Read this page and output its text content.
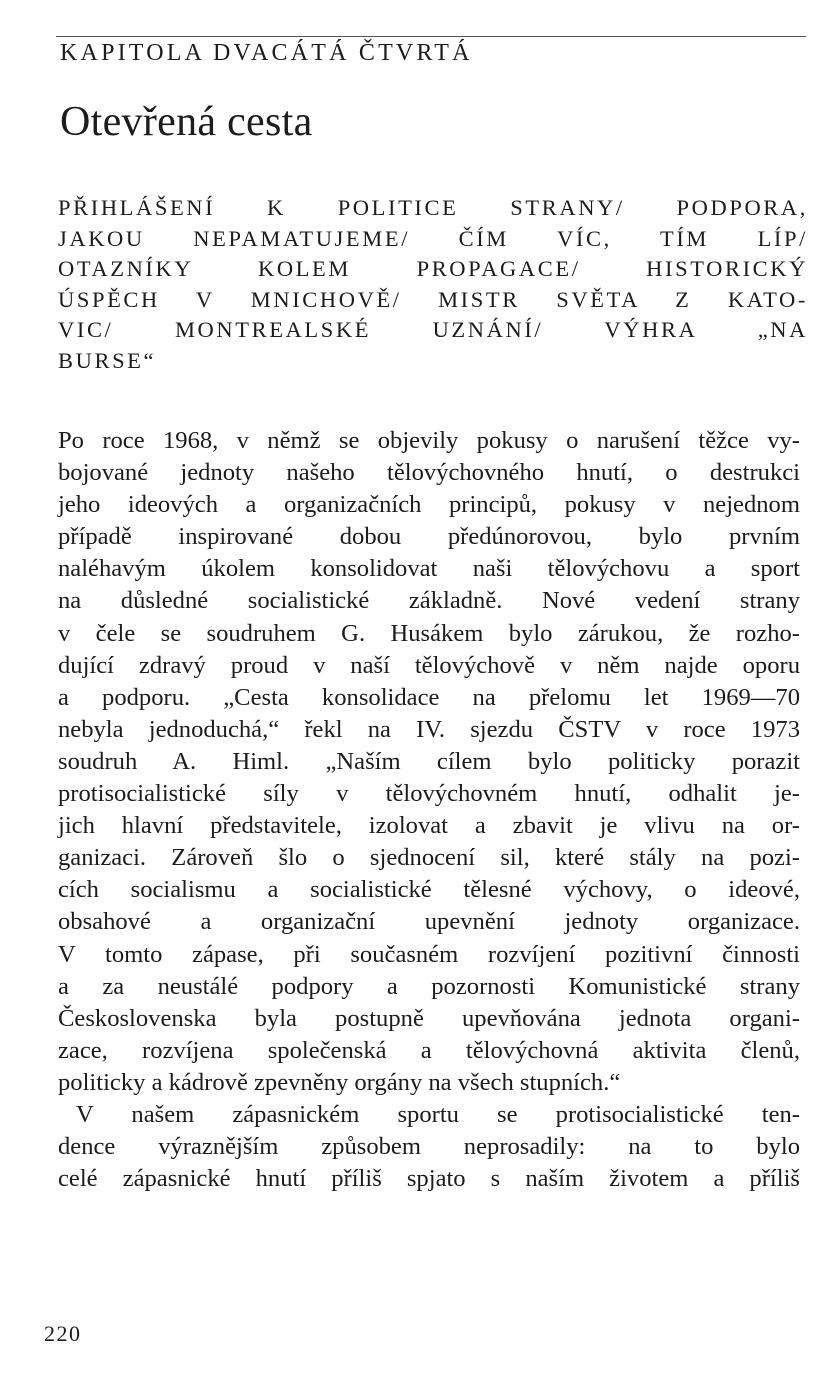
KAPITOLA DVACÁTÁ ČTVRTÁ
Otevřená cesta
PŘIHLÁŠENÍ K POLITICE STRANY/ PODPORA,
JAKOU NEPAMATUJEME/ ČÍM VÍC, TÍM LÍP/
OTAZNÍKY KOLEM PROPAGACE/ HISTORICKÝ
ÚSPĚCH V MNICHOVĚ/ MISTR SVĚTA Z KATO-
VIC/ MONTREALSKÉ UZNÁNÍ/ VÝHRA „NA
BURSE“
Po roce 1968, v němž se objevily pokusy o narušení těžce vy-
bojované jednoty našeho tělovýchovného hnutí, o destrukci
jeho ideových a organizačních principů, pokusy v nejednom
případě inspirované dobou předúnorovou, bylo prvním
naléhavým úkolem konsolidovat naši tělovýchovu a sport
na důsledné socialistické základně. Nové vedení strany
v čele se soudruhem G. Husákem bylo zárukou, že rozho-
dující zdravý proud v naší tělovýchově v něm najde oporu
a podporu. „Cesta konsolidace na přelomu let 1969—70
nebyla jednoduchá,“ řekl na IV. sjezdu ČSTV v roce 1973
soudruh A. Himl. „Naším cílem bylo politicky porazit
protisocialistické síly v tělovýchovném hnutí, odhalit je-
jich hlavní představitele, izolovat a zbavit je vlivu na or-
ganizaci. Zároveň šlo o sjednocení sil, které stály na pozi-
cích socialismu a socialistické tělesné výchovy, o ideové,
obsahové a organizační upevnění jednoty organizace.
V tomto zápase, při současném rozvíjení pozitivní činnosti
a za neustálé podpory a pozornosti Komunistické strany
Československa byla postupně upevňována jednota organi-
zace, rozvíjena společenská a tělovýchovná aktivita členů,
politicky a kádrově zpevněny orgány na všech stupních.“
V našem zápasnickém sportu se protisocialistické ten-
dence výraznějším způsobem neprosadily: na to bylo
celé zápasnické hnutí příliš spjato s naším životem a příliš
220
